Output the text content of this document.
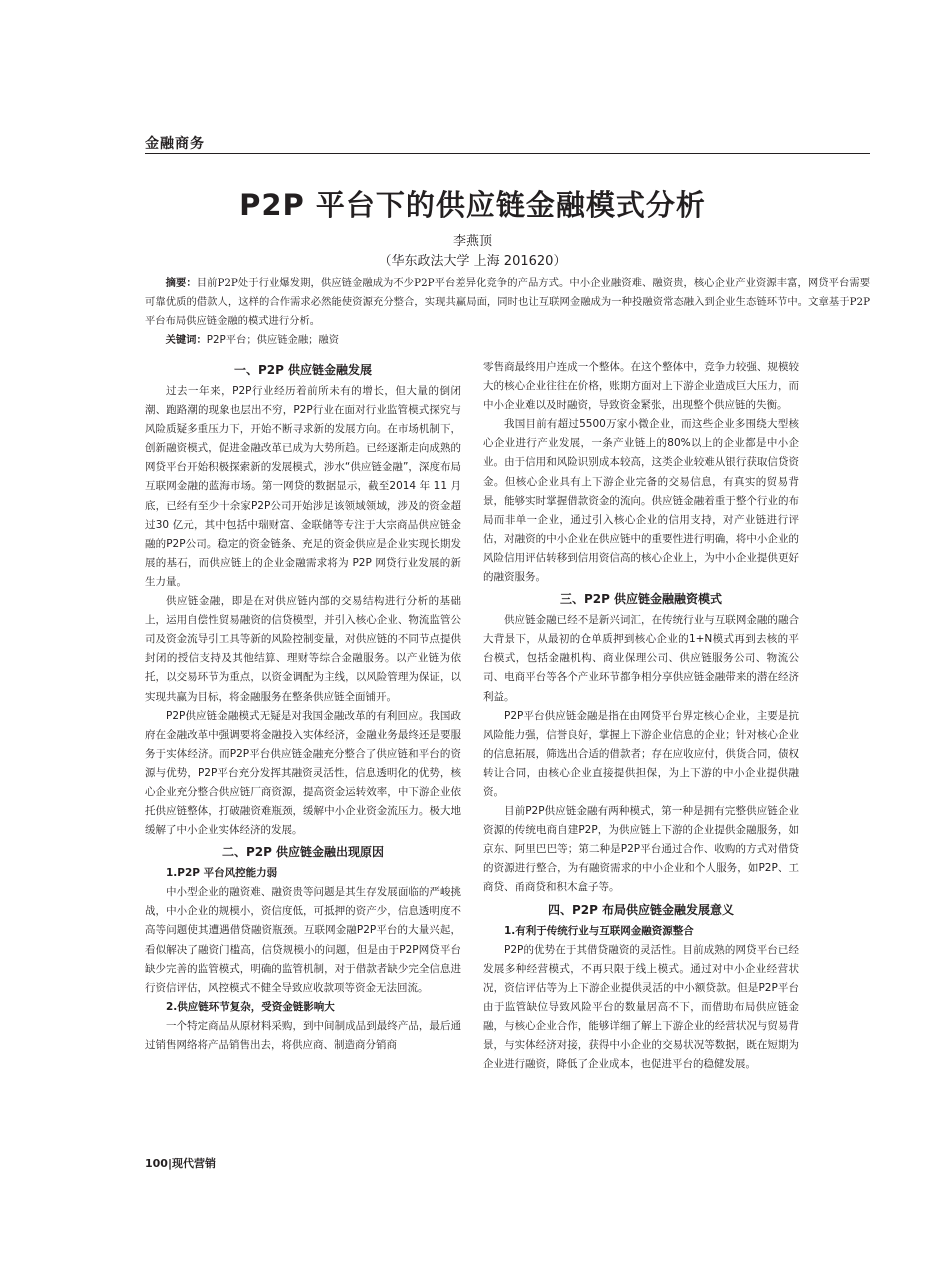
金融商务
P2P 平台下的供应链金融模式分析
李燕顶
（华东政法大学 上海 201620）
摘要：目前P2P处于行业爆发期，供应链金融成为不少P2P平台差异化竞争的产品方式。中小企业融资难、融资贵，核心企业产业资源丰富，网贷平台需要可靠优质的借款人，这样的合作需求必然能使资源充分整合，实现共赢局面，同时也让互联网金融成为一种投融资常态融入到企业生态链环节中。文章基于P2P平台布局供应链金融的模式进行分析。
关键词：P2P平台；供应链金融；融资
一、P2P 供应链金融发展

过去一年来，P2P行业经历着前所未有的增长，但大量的倒闭潮、跑路潮的现象也层出不穷，P2P行业在面对行业监管模式探究与风险质疑多重压力下，开始不断寻求新的发展方向。在市场机制下，创新融资模式，促进金融改革已成为大势所趋。已经逐渐走向成熟的网贷平台开始积极探索新的发展模式，涉水“供应链金融”，深度布局互联网金融的蓝海市场。第一网贷的数据显示，截至2014 年 11 月底，已经有至少十余家P2P公司开始涉足该领域领域，涉及的资金超过30 亿元，其中包括中瑞财富、金联储等专注于大宗商品供应链金融的P2P公司。稳定的资金链条、充足的资金供应是企业实现长期发展的基石，而供应链上的企业金融需求将为 P2P 网贷行业发展的新生力量。

供应链金融，即是在对供应链内部的交易结构进行分析的基础上，运用自偿性贸易融资的信贷模型，并引入核心企业、物流监管公司及资金流导引工具等新的风险控制变量，对供应链的不同节点提供封闭的授信支持及其他结算、理财等综合金融服务。以产业链为依托，以交易环节为重点，以资金调配为主线，以风险管理为保证，以实现共赢为目标，将金融服务在整条供应链全面铺开。

P2P供应链金融模式无疑是对我国金融改革的有利回应。我国政府在金融改革中强调要将金融投入实体经济，金融业务最终还是要服务于实体经济。而P2P平台供应链金融充分整合了供应链和平台的资源与优势，P2P平台充分发挥其融资灵活性，信息透明化的优势，核心企业充分整合供应链厂商资源，提高资金运转效率，中下游企业依托供应链整体，打破融资难瓶颈，缓解中小企业资金流压力。极大地缓解了中小企业实体经济的发展。

二、P2P 供应链金融出现原因
1.P2P 平台风控能力弱

中小型企业的融资难、融资贵等问题是其生存发展面临的严峻挑战，中小企业的规模小，资信度低，可抵押的资产少，信息透明度不高等问题使其遭遇借贷融资瓶颈。互联网金融P2P平台的大量兴起，看似解决了融资门槛高，信贷规模小的问题，但是由于P2P网贷平台缺少完善的监管模式，明确的监管机制，对于借款者缺少完全信息进行资信评估，风控模式不健全导致应收款项等资金无法回流。

2.供应链环节复杂，受资金链影响大

一个特定商品从原材料采购，到中间制成品到最终产品，最后通过销售网络将产品销售出去，将供应商、制造商分销商

零售商最终用户连成一个整体。在这个整体中，竞争力较强、规模较大的核心企业往往在价格，账期方面对上下游企业造成巨大压力，而中小企业难以及时融资，导致资金紧张，出现整个供应链的失衡。

我国目前有超过5500万家小微企业，而这些企业多围绕大型核心企业进行产业发展，一条产业链上的80%以上的企业都是中小企业。由于信用和风险识别成本较高，这类企业较难从银行获取信贷资金。但核心企业具有上下游企业完备的交易信息，有真实的贸易背景，能够实时掌握借款资金的流向。供应链金融着重于整个行业的布局而非单一企业，通过引入核心企业的信用支持，对产业链进行评估，对融资的中小企业在供应链中的重要性进行明确，将中小企业的风险信用评估转移到信用资信高的核心企业上，为中小企业提供更好的融资服务。

三、P2P 供应链金融融资模式

供应链金融已经不是新兴词汇，在传统行业与互联网金融的融合大背景下，从最初的仓单质押到核心企业的1+N模式再到去核的平台模式，包括金融机构、商业保理公司、供应链服务公司、物流公司、电商平台等各个产业环节都争相分享供应链金融带来的潜在经济利益。

P2P平台供应链金融是指在由网贷平台界定核心企业，主要是抗风险能力强，信誉良好，掌握上下游企业信息的企业；针对核心企业的信息拓展，筛选出合适的借款者；存在应收应付，供货合同，债权转让合同，由核心企业直接提供担保，为上下游的中小企业提供融资。

目前P2P供应链金融有两种模式，第一种是拥有完整供应链企业资源的传统电商自建P2P，为供应链上下游的企业提供金融服务，如京东、阿里巴巴等；第二种是P2P平台通过合作、收购的方式对借贷的资源进行整合，为有融资需求的中小企业和个人服务，如P2P、工商贷、甬商贷和积木盒子等。

四、P2P 布局供应链金融发展意义
1.有利于传统行业与互联网金融资源整合

P2P的优势在于其借贷融资的灵活性。目前成熟的网贷平台已经发展多种经营模式，不再只限于线上模式。通过对中小企业经营状况，资信评估等为上下游企业提供灵活的中小额贷款。但是P2P平台由于监管缺位导致风险平台的数量居高不下，而借助布局供应链金融，与核心企业合作，能够详细了解上下游企业的经营状况与贸易背景，与实体经济对接，获得中小企业的交易状况等数据，既在短期为企业进行融资，降低了企业成本，也促进平台的稳健发展。

100|现代营销
